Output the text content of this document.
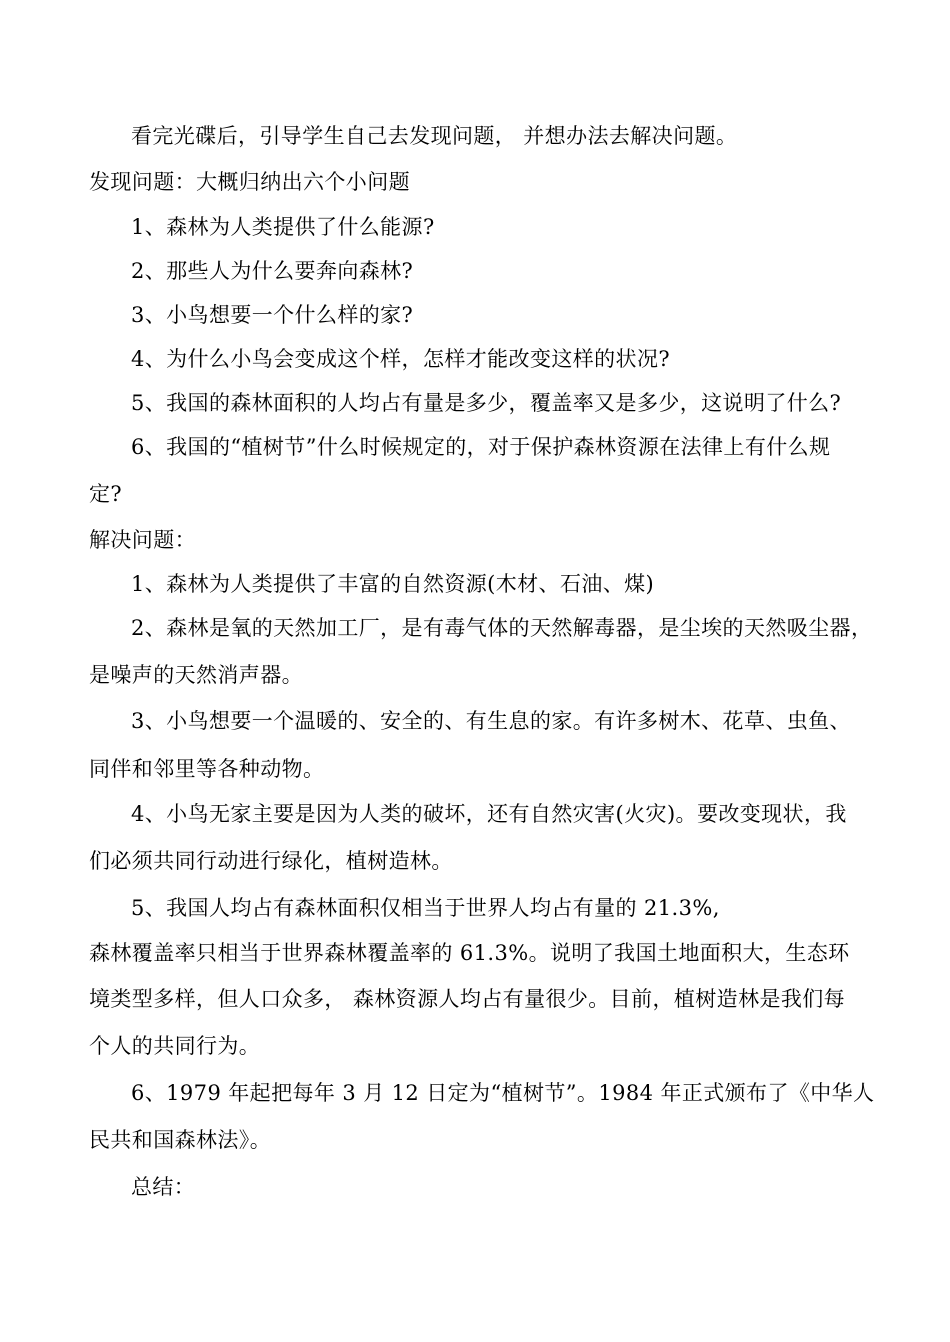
看完光碟后，引导学生自己去发现问题， 并想办法去解决问题。
发现问题：大概归纳出六个小问题
1、森林为人类提供了什么能源?
2、那些人为什么要奔向森林?
3、小鸟想要一个什么样的家?
4、为什么小鸟会变成这个样，怎样才能改变这样的状况?
5、我国的森林面积的人均占有量是多少，覆盖率又是多少，这说明了什么?
6、我国的“植树节”什么时候规定的，对于保护森林资源在法律上有什么规
定?
解决问题：
1、森林为人类提供了丰富的自然资源(木材、石油、煤)
2、森林是氧的天然加工厂，是有毒气体的天然解毒器，是尘埃的天然吸尘器，
是噪声的天然消声器。
3、小鸟想要一个温暖的、安全的、有生息的家。有许多树木、花草、虫鱼、
同伴和邻里等各种动物。
4、小鸟无家主要是因为人类的破坏，还有自然灾害(火灾)。要改变现状，我
们必须共同行动进行绿化，植树造林。
5、我国人均占有森林面积仅相当于世界人均占有量的 21.3%,
森林覆盖率只相当于世界森林覆盖率的 61.3%。说明了我国土地面积大，生态环
境类型多样，但人口众多， 森林资源人均占有量很少。目前，植树造林是我们每
个人的共同行为。
6、1979 年起把每年 3 月 12 日定为“植树节”。1984 年正式颁布了《中华人
民共和国森林法》。
总结：
